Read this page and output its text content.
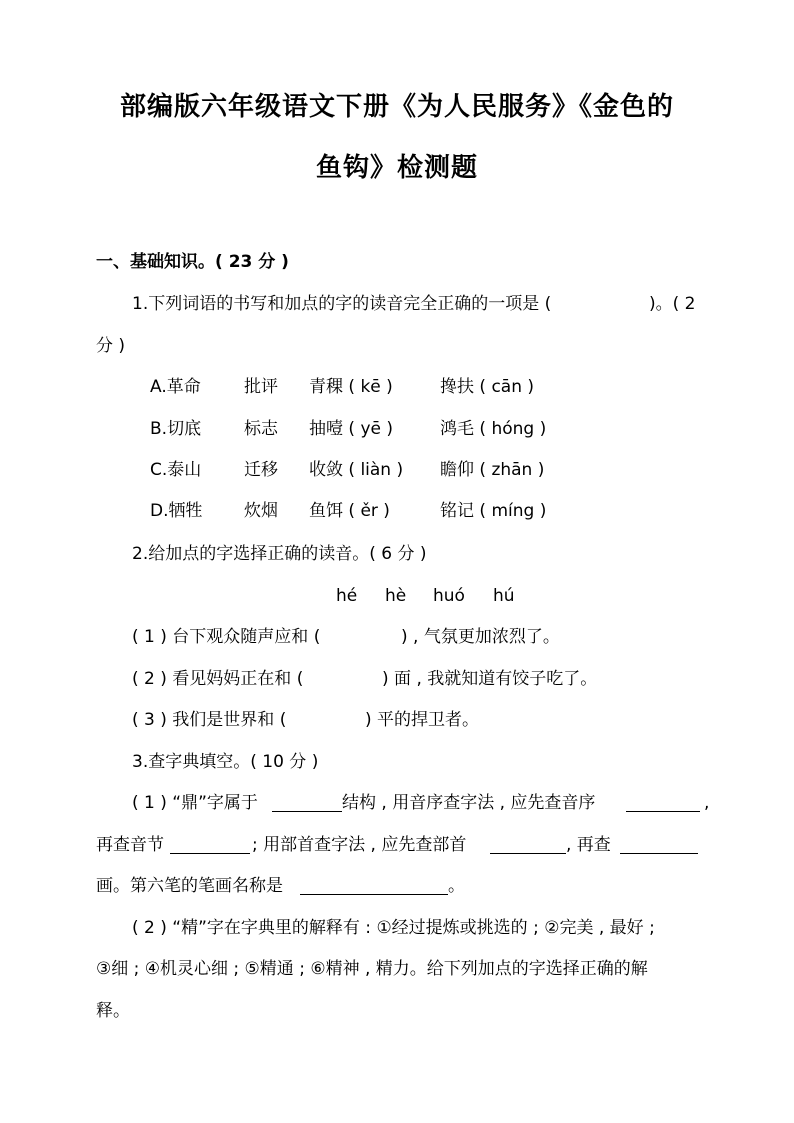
部编版六年级语文下册《为人民服务》《金色的
鱼钩》检测题
一、基础知识。( 23 分 )
1.下列词语的书写和加点的字的读音完全正确的一项是 (	)。( 2
分 )
A.革命	批评 青稞 ( kē )	搀扶 ( cān )
B.切底	标志 抽噎 ( yē )	鸿毛 ( hóng )
C.泰山	迁移 收敛 ( liàn ) 瞻仰 ( zhān )
D.牺牲 炊烟 鱼饵 ( ěr )	铭记 ( míng )
2.给加点的字选择正确的读音。( 6 分 )
hé hè huó hú
( 1 ) 台下观众随声应和 (	) , 气氛更加浓烈了。
( 2 ) 看见妈妈正在和 (	) 面 , 我就知道有饺子吃了。
( 3 ) 我们是世界和 (	) 平的捍卫者。
3.查字典填空。( 10 分 )
( 1 ) “鼎”字属于	结构 , 用音序查字法 , 应先查音序	,
再查音节	; 用部首查字法 , 应先查部首	, 再查
画。第六笔的笔画名称是	。
( 2 ) “精”字在字典里的解释有 : ①经过提炼或挑选的 ; ②完美 , 最好 ;
③细 ; ④机灵心细 ; ⑤精通 ; ⑥精神 , 精力。给下列加点的字选择正确的解
释。
